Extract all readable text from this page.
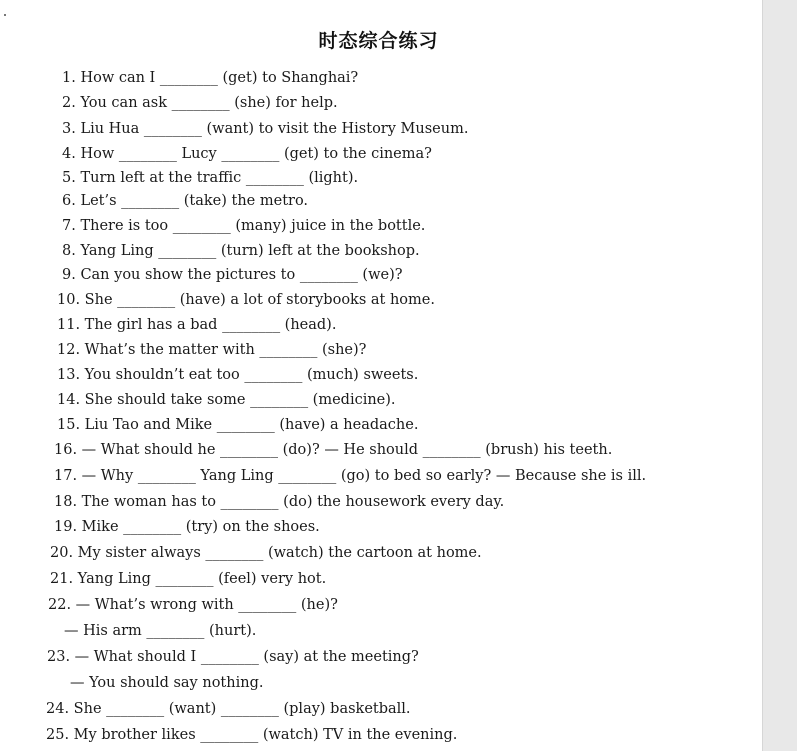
时态综合练习
1. How can I ________ (get) to Shanghai?
2. You can ask ________ (she) for help.
3. Liu Hua ________ (want) to visit the History Museum.
4. How ________ Lucy ________ (get) to the cinema?
5. Turn left at the traffic ________ (light).
6. Let’s ________ (take) the metro.
7. There is too ________ (many) juice in the bottle.
8. Yang Ling ________ (turn) left at the bookshop.
9. Can you show the pictures to ________ (we)?
10. She ________ (have) a lot of storybooks at home.
11. The girl has a bad ________ (head).
12. What’s the matter with ________ (she)?
13. You shouldn’t eat too ________ (much) sweets.
14. She should take some ________ (medicine).
15. Liu Tao and Mike ________ (have) a headache.
16. — What should he ________ (do)? — He should ________ (brush) his teeth.
17. — Why ________ Yang Ling ________ (go) to bed so early? — Because she is ill.
18. The woman has to ________ (do) the housework every day.
19. Mike ________ (try) on the shoes.
20. My sister always ________ (watch) the cartoon at home.
21. Yang Ling ________ (feel) very hot.
22. — What’s wrong with ________ (he)?
— His arm ________ (hurt).
23. — What should I ________ (say) at the meeting?
— You should say nothing.
24. She ________ (want) ________ (play) basketball.
25. My brother likes ________ (watch) TV in the evening.
